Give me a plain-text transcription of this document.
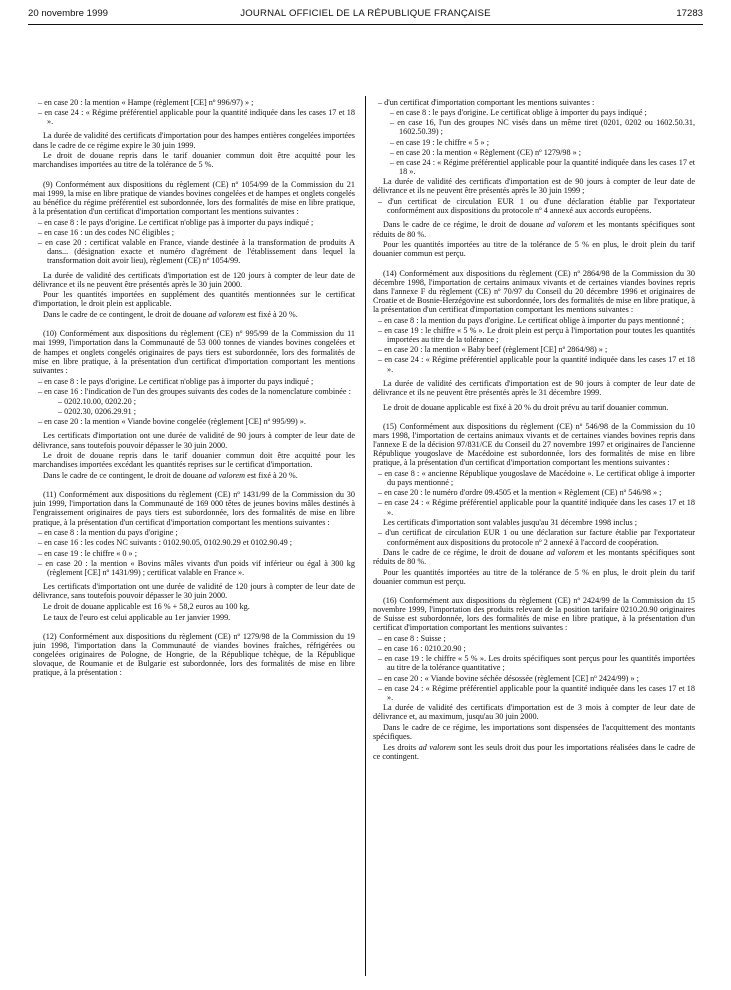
20 novembre 1999	JOURNAL OFFICIEL DE LA RÉPUBLIQUE FRANÇAISE	17283
– en case 20 : la mention « Hampe (règlement [CE] nº 996/97) » ;
– en case 24 : « Régime préférentiel applicable pour la quantité indiquée dans les cases 17 et 18 ».

La durée de validité des certificats d'importation pour des hampes entières congelées importées dans le cadre de ce régime expire le 30 juin 1999.

Le droit de douane repris dans le tarif douanier commun doit être acquitté pour les marchandises importées au titre de la tolérance de 5 %.

(9) Conformément aux dispositions du règlement (CE) nº 1054/99 de la Commission du 21 mai 1999, la mise en libre pratique de viandes bovines congelées et de hampes et onglets congelés au bénéfice du régime préférentiel est subordonnée, lors des formalités de mise en libre pratique, à la présentation d'un certificat d'importation comportant les mentions suivantes :

– en case 8 : le pays d'origine. Le certificat n'oblige pas à importer du pays indiqué ;
– en case 16 : un des codes NC éligibles ;
– en case 20 : certificat valable en France, viande destinée à la transformation de produits A dans... (désignation exacte et numéro d'agrément de l'établissement dans lequel la transformation doit avoir lieu), règlement (CE) nº 1054/99.

La durée de validité des certificats d'importation est de 120 jours à compter de leur date de délivrance et ils ne peuvent être présentés après le 30 juin 2000.

Pour les quantités importées en supplément des quantités mentionnées sur le certificat d'importation, le droit plein est applicable.

Dans le cadre de ce contingent, le droit de douane ad valorem est fixé à 20 %.

(10) Conformément aux dispositions du règlement (CE) nº 995/99 de la Commission du 11 mai 1999, l'importation dans la Communauté de 53 000 tonnes de viandes bovines congelées et de hampes et onglets congelés originaires de pays tiers est subordonnée, lors des formalités de mise en libre pratique, à la présentation d'un certificat d'importation comportant les mentions suivantes :

– en case 8 : le pays d'origine. Le certificat n'oblige pas à importer du pays indiqué ;
– en case 16 : l'indication de l'un des groupes suivants des codes de la nomenclature combinée :
– 0202.10.00, 0202.20 ;
– 0202.30, 0206.29.91 ;
– en case 20 : la mention « Viande bovine congelée (règlement [CE] nº 995/99) ».

Les certificats d'importation ont une durée de validité de 90 jours à compter de leur date de délivrance, sans toutefois pouvoir dépasser le 30 juin 2000.

Le droit de douane repris dans le tarif douanier commun doit être acquitté pour les marchandises importées excédant les quantités reprises sur le certificat d'importation.

Dans le cadre de ce contingent, le droit de douane ad valorem est fixé à 20 %.

(11) Conformément aux dispositions du règlement (CE) nº 1431/99 de la Commission du 30 juin 1999, l'importation dans la Communauté de 169 000 têtes de jeunes bovins mâles destinés à l'engraissement originaires de pays tiers est subordonnée, lors des formalités de mise en libre pratique, à la présentation d'un certificat d'importation comportant les mentions suivantes :

– en case 8 : la mention du pays d'origine ;
– en case 16 : les codes NC suivants : 0102.90.05, 0102.90.29 et 0102.90.49 ;
– en case 19 : le chiffre « 0 » ;
– en case 20 : la mention « Bovins mâles vivants d'un poids vif inférieur ou égal à 300 kg (règlement [CE] nº 1431/99) ; certificat valable en France ».

Les certificats d'importation ont une durée de validité de 120 jours à compter de leur date de délivrance, sans toutefois pouvoir dépasser le 30 juin 2000.

Le droit de douane applicable est 16 % + 58,2 euros au 100 kg.

Le taux de l'euro est celui applicable au 1er janvier 1999.

(12) Conformément aux dispositions du règlement (CE) nº 1279/98 de la Commission du 19 juin 1998, l'importation dans la Communauté de viandes bovines fraîches, réfrigérées ou congelées originaires de Pologne, de Hongrie, de la République tchèque, de la République slovaque, de Roumanie et de Bulgarie est subordonnée, lors des formalités de mise en libre pratique, à la présentation :

– d'un certificat d'importation comportant les mentions suivantes :
– en case 8 : le pays d'origine. Le certificat oblige à importer du pays indiqué ;
– en case 16, l'un des groupes NC visés dans un même tiret (0201, 0202 ou 1602.50.31, 1602.50.39) ;
– en case 19 : le chiffre « 5 » ;
– en case 20 : la mention « Règlement (CE) nº 1279/98 » ;
– en case 24 : « Régime préférentiel applicable pour la quantité indiquée dans les cases 17 et 18 ».

La durée de validité des certificats d'importation est de 90 jours à compter de leur date de délivrance et ils ne peuvent être présentés après le 30 juin 1999 ;

– d'un certificat de circulation EUR 1 ou d'une déclaration établie par l'exportateur conformément aux dispositions du protocole nº 4 annexé aux accords européens.

Dans le cadre de ce régime, le droit de douane ad valorem et les montants spécifiques sont réduits de 80 %.

Pour les quantités importées au titre de la tolérance de 5 % en plus, le droit plein du tarif douanier commun est perçu.

(14) Conformément aux dispositions du règlement (CE) nº 2864/98 de la Commission du 30 décembre 1998, l'importation de certains animaux vivants et de certaines viandes bovines repris dans l'annexe F du règlement (CE) nº 70/97 du Conseil du 20 décembre 1996 et originaires de Croatie et de Bosnie-Herzégovine est subordonnée, lors des formalités de mise en libre pratique, à la présentation d'un certificat d'importation comportant les mentions suivantes :

– en case 8 : la mention du pays d'origine. Le certificat oblige à importer du pays mentionné ;
– en case 19 : le chiffre « 5 % ». Le droit plein est perçu à l'importation pour toutes les quantités importées au titre de la tolérance ;
– en case 20 : la mention « Baby beef (règlement [CE] nº 2864/98) » ;
– en case 24 : « Régime préférentiel applicable pour la quantité indiquée dans les cases 17 et 18 ».

La durée de validité des certificats d'importation est de 90 jours à compter de leur date de délivrance et ils ne peuvent être présentés après le 31 décembre 1999.

Le droit de douane applicable est fixé à 20 % du droit prévu au tarif douanier commun.

(15) Conformément aux dispositions du règlement (CE) nº 546/98 de la Commission du 10 mars 1998, l'importation de certains animaux vivants et de certaines viandes bovines repris dans l'annexe E de la décision 97/831/CE du Conseil du 27 novembre 1997 et originaires de l'ancienne République yougoslave de Macédoine est subordonnée, lors des formalités de mise en libre pratique, à la présentation d'un certificat d'importation comportant les mentions suivantes :

– en case 8 : « ancienne République yougoslave de Macédoine ». Le certificat oblige à importer du pays mentionné ;
– en case 20 : le numéro d'ordre 09.4505 et la mention « Règlement (CE) nº 546/98 » ;
– en case 24 : « Régime préférentiel applicable pour la quantité indiquée dans les cases 17 et 18 ».

Les certificats d'importation sont valables jusqu'au 31 décembre 1998 inclus ;

– d'un certificat de circulation EUR 1 ou une déclaration sur facture établie par l'exportateur conformément aux dispositions du protocole nº 2 annexé à l'accord de coopération.

Dans le cadre de ce régime, le droit de douane ad valorem et les montants spécifiques sont réduits de 80 %.

Pour les quantités importées au titre de la tolérance de 5 % en plus, le droit plein du tarif douanier commun est perçu.

(16) Conformément aux dispositions du règlement (CE) nº 2424/99 de la Commission du 15 novembre 1999, l'importation des produits relevant de la position tarifaire 0210.20.90 originaires de Suisse est subordonnée, lors des formalités de mise en libre pratique, à la présentation d'un certificat d'importation comportant les mentions suivantes :

– en case 8 : Suisse ;
– en case 16 : 0210.20.90 ;
– en case 19 : le chiffre « 5 % ». Les droits spécifiques sont perçus pour les quantités importées au titre de la tolérance quantitative ;
– en case 20 : « Viande bovine séchée désossée (règlement [CE] nº 2424/99) » ;
– en case 24 : « Régime préférentiel applicable pour la quantité indiquée dans les cases 17 et 18 ».

La durée de validité des certificats d'importation est de 3 mois à compter de leur date de délivrance et, au maximum, jusqu'au 30 juin 2000.

Dans le cadre de ce régime, les importations sont dispensées de l'acquittement des montants spécifiques.

Les droits ad valorem sont les seuls droit dus pour les importations réalisées dans le cadre de ce contingent.
